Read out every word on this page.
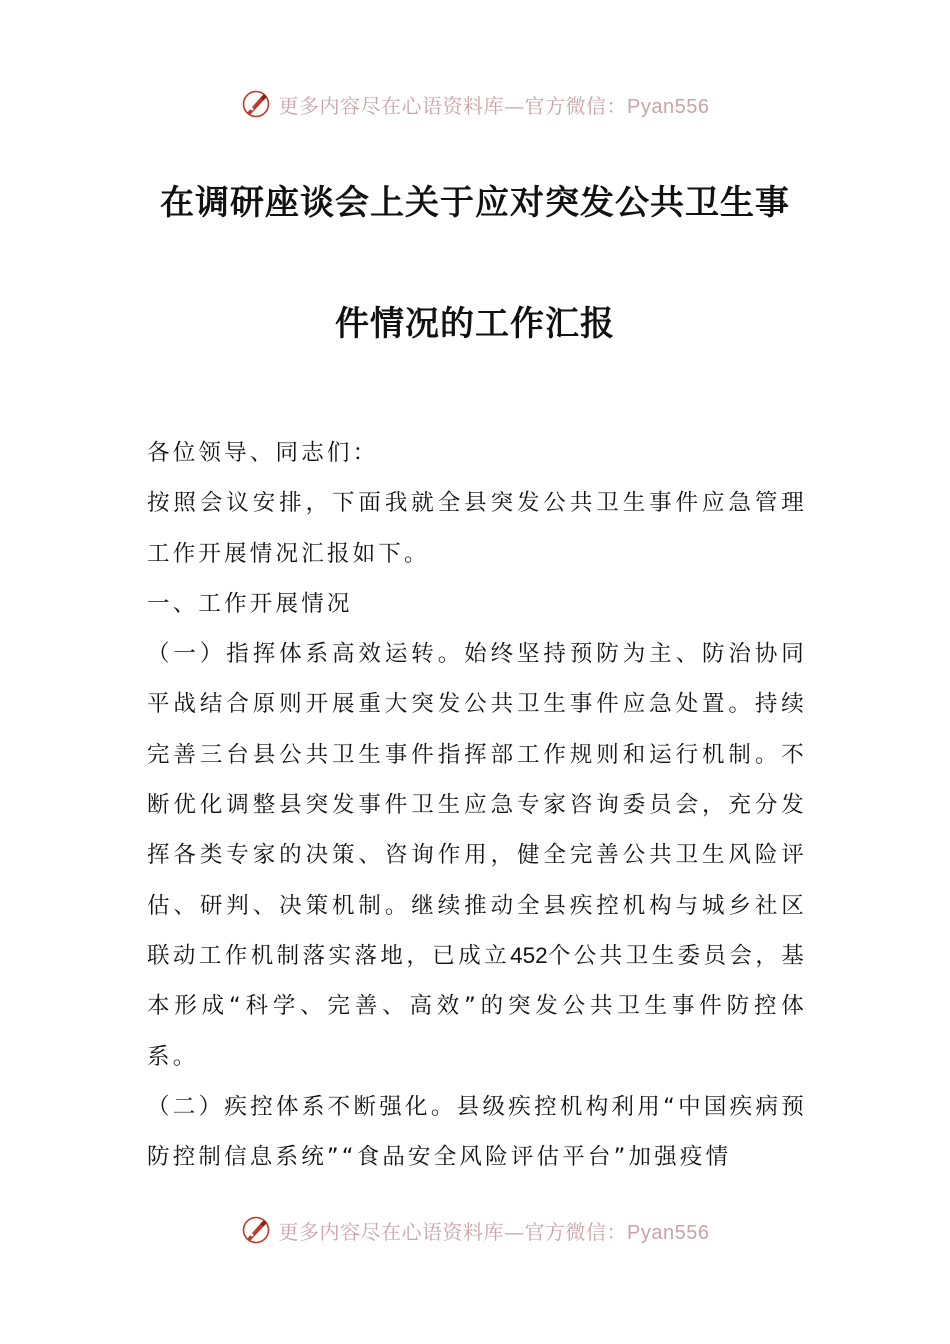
更多内容尽在心语资料库—官方微信：Pyan556
在调研座谈会上关于应对突发公共卫生事
件情况的工作汇报

各位领导、同志们：

按照会议安排，下面我就全县突发公共卫生事件应急管理工作开展情况汇报如下。

一、工作开展情况

（一）指挥体系高效运转。始终坚持预防为主、防治协同平战结合原则开展重大突发公共卫生事件应急处置。持续完善三台县公共卫生事件指挥部工作规则和运行机制。不断优化调整县突发事件卫生应急专家咨询委员会，充分发挥各类专家的决策、咨询作用，健全完善公共卫生风险评估、研判、决策机制。继续推动全县疾控机构与城乡社区联动工作机制落实落地，已成立452个公共卫生委员会，基本形成“科学、完善、高效”的突发公共卫生事件防控体系。

（二）疾控体系不断强化。县级疾控机构利用“中国疾病预防控制信息系统”“食品安全风险评估平台”加强疫情

更多内容尽在心语资料库—官方微信：Pyan556
